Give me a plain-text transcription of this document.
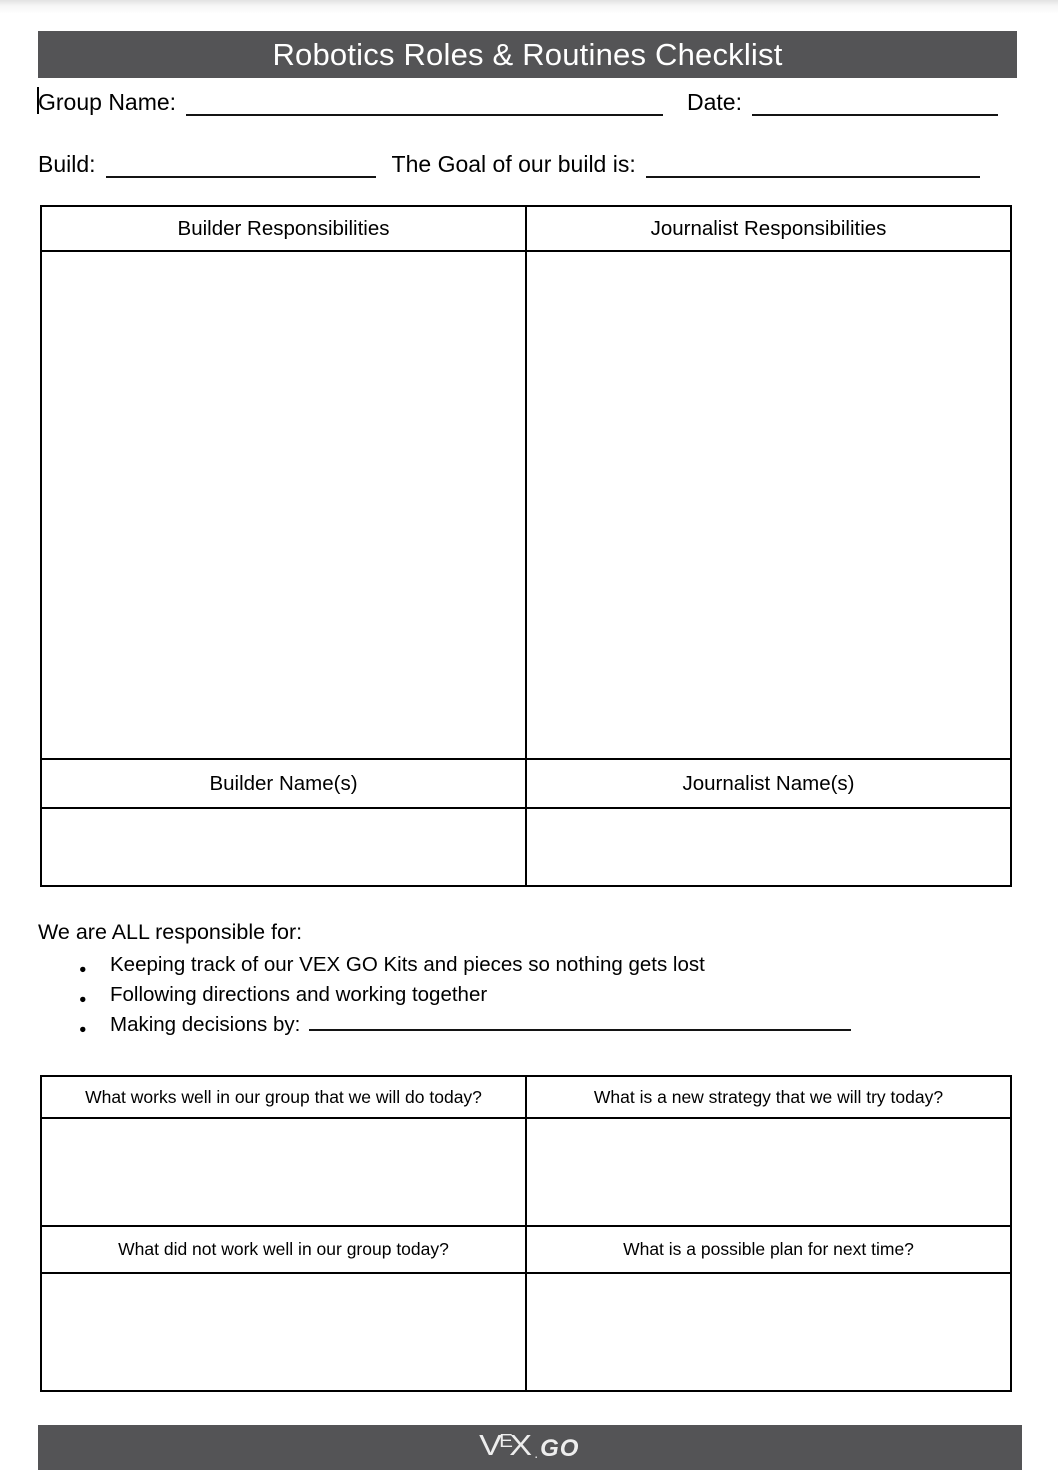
Robotics Roles & Routines Checklist
Group Name:	Date:
Build:	The Goal of our build is:
Builder Responsibilities	Journalist Responsibilities

Builder Name(s)	Journalist Name(s)

We are ALL responsible for:
●	Keeping track of our VEX GO Kits and pieces so nothing gets lost
●	Following directions and working together
●	Making decisions by:
What works well in our group that we will do today?	What is a new strategy that we will try today?

What did not work well in our group today?	What is a possible plan for next time?

V
E
X . GO
